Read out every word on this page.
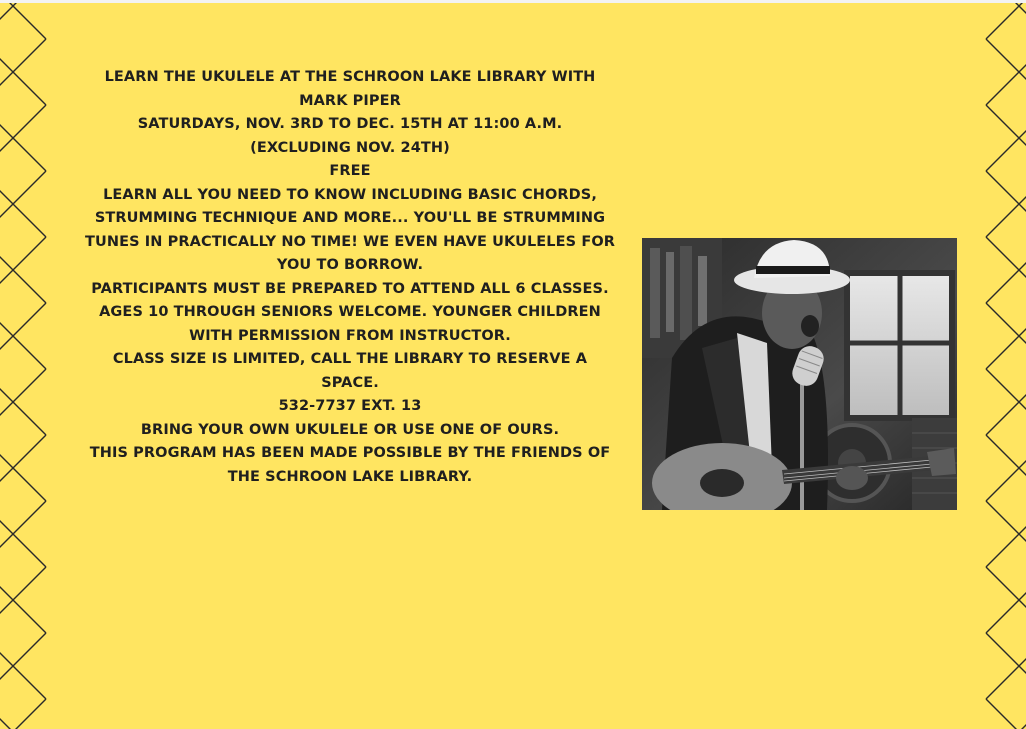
LEARN THE UKULELE AT THE SCHROON LAKE LIBRARY WITH MARK PIPER
SATURDAYS, NOV. 3RD TO DEC. 15TH AT 11:00 A.M.
(EXCLUDING NOV. 24TH)
FREE
LEARN ALL YOU NEED TO KNOW INCLUDING BASIC CHORDS, STRUMMING TECHNIQUE AND MORE... YOU'LL BE STRUMMING TUNES IN PRACTICALLY NO TIME! WE EVEN HAVE UKULELES FOR YOU TO BORROW.
PARTICIPANTS MUST BE PREPARED TO ATTEND ALL 6 CLASSES.
AGES 10 THROUGH SENIORS WELCOME. YOUNGER CHILDREN WITH PERMISSION FROM INSTRUCTOR.
CLASS SIZE IS LIMITED, CALL THE LIBRARY TO RESERVE A SPACE.
532-7737 EXT. 13
BRING YOUR OWN UKULELE OR USE ONE OF OURS.
THIS PROGRAM HAS BEEN MADE POSSIBLE BY THE FRIENDS OF THE SCHROON LAKE LIBRARY.
